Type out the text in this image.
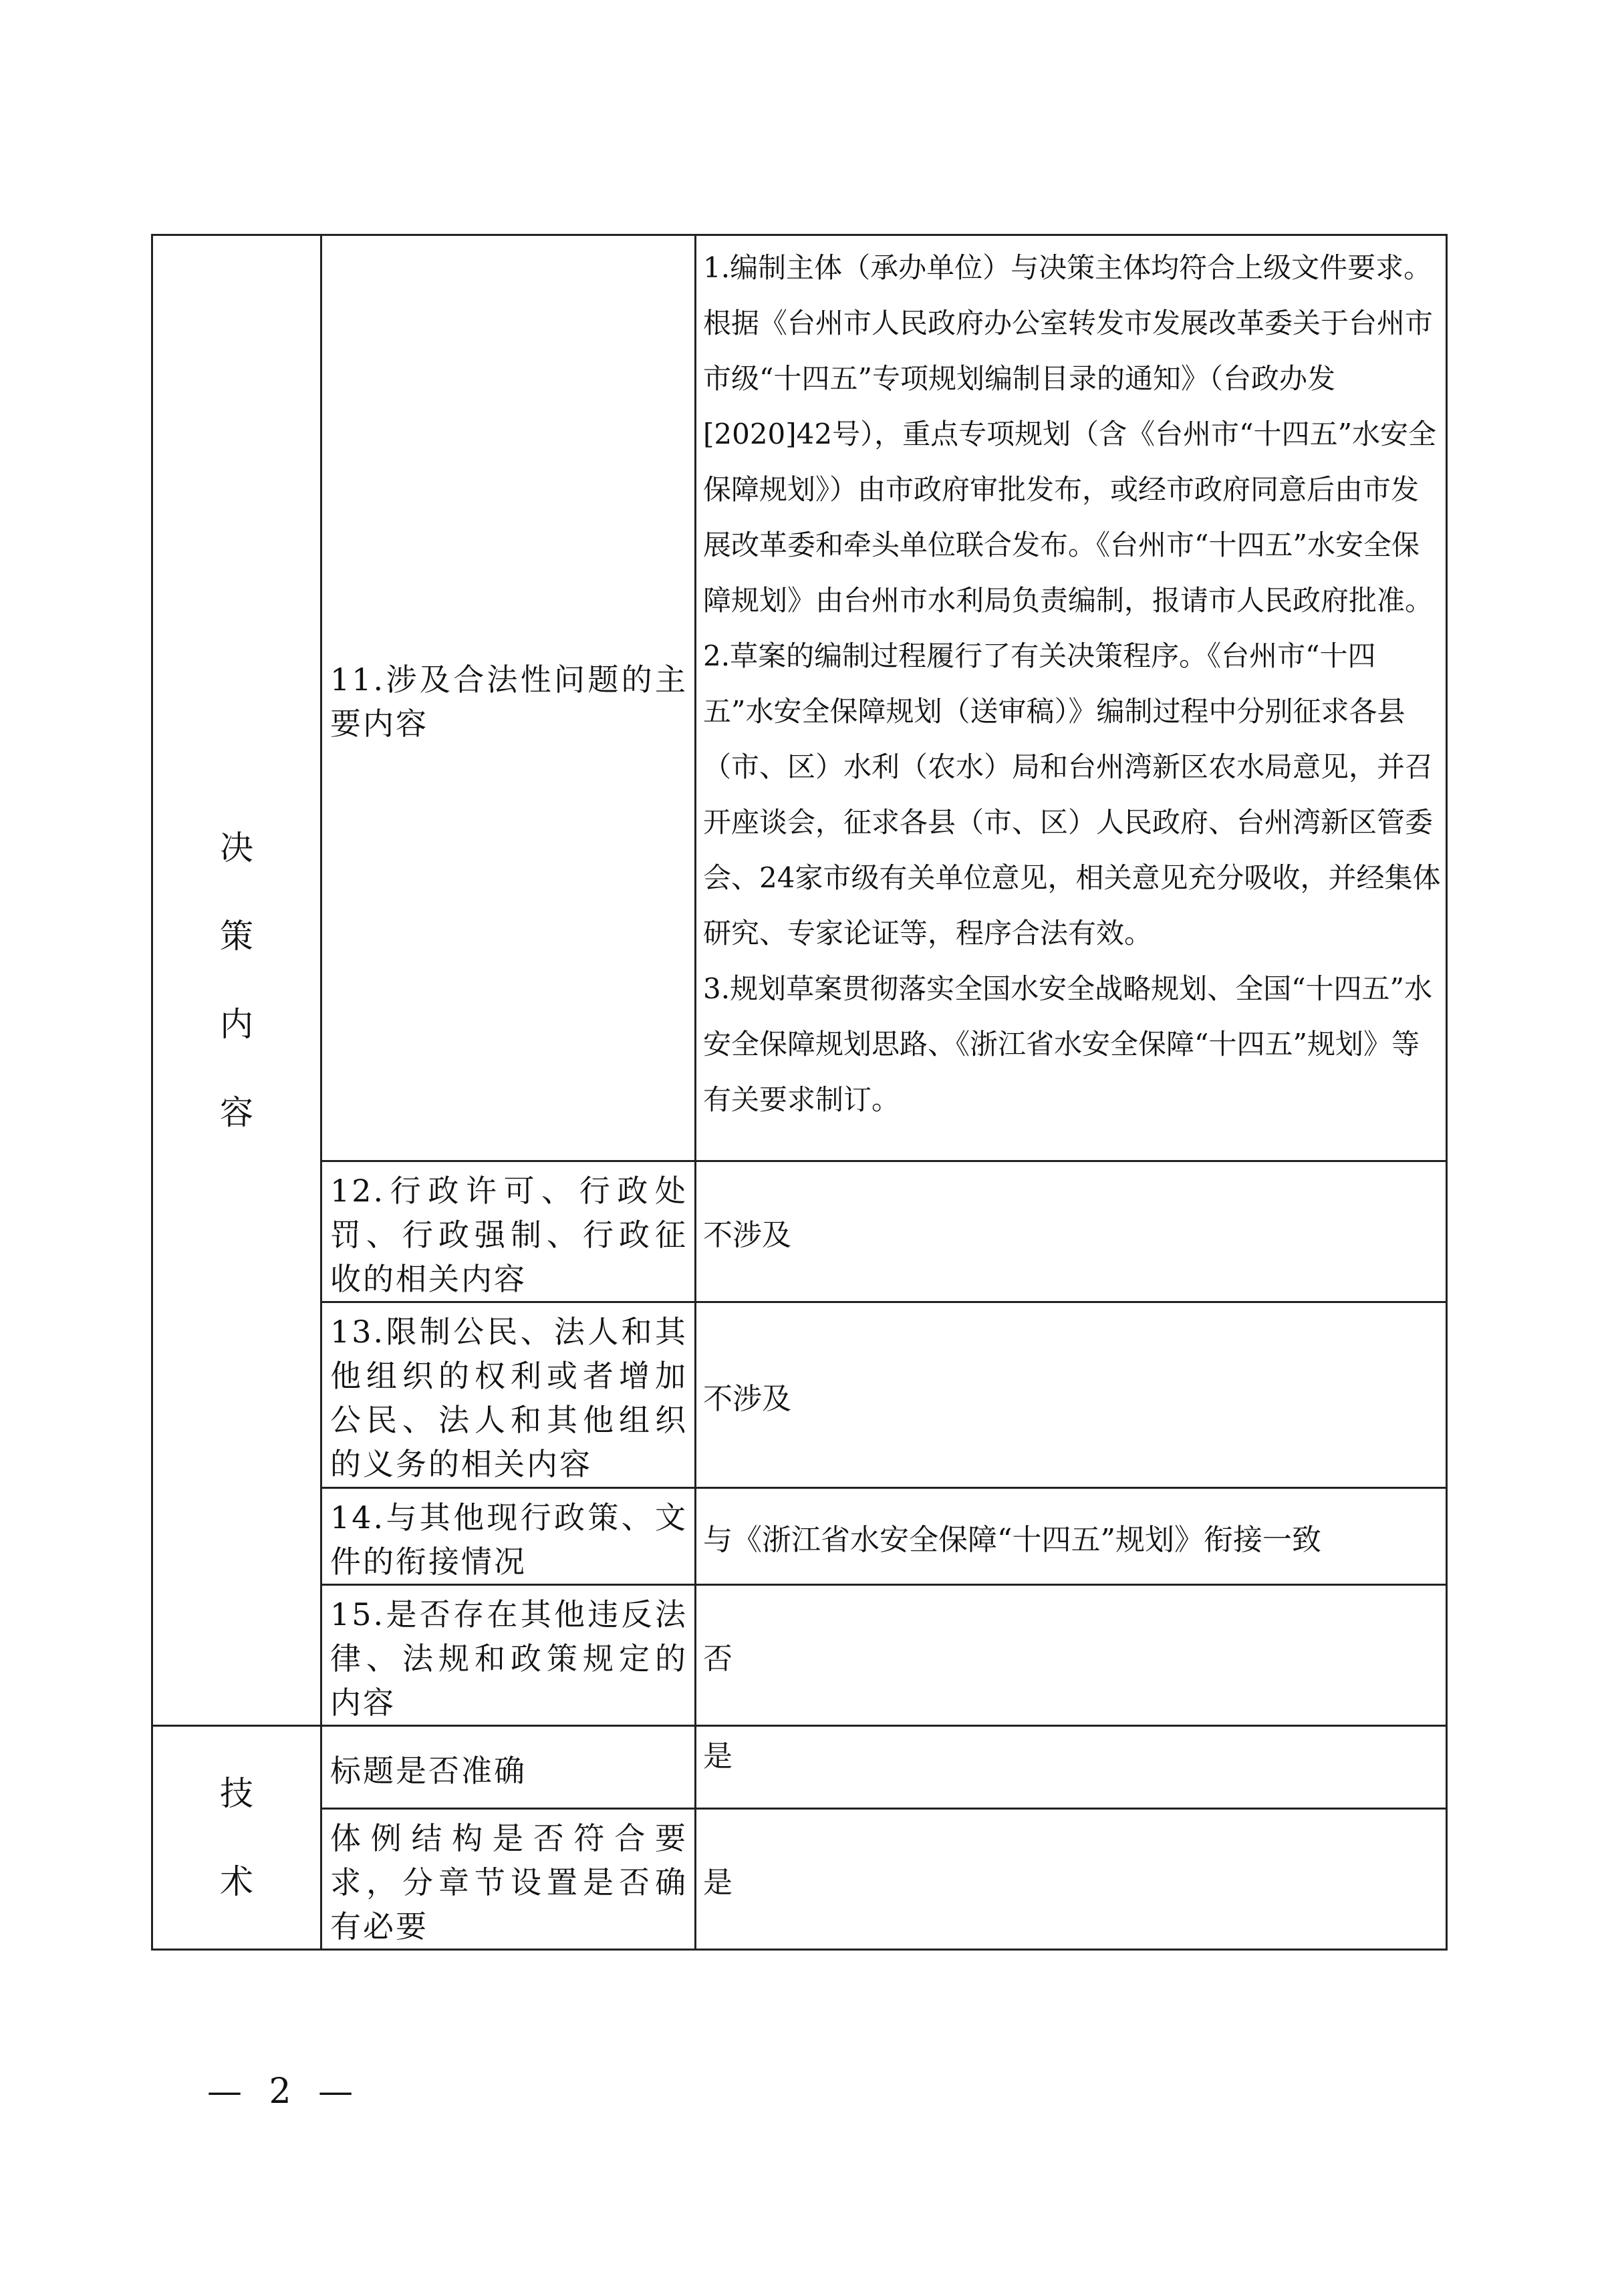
决策内容	11.涉及合法性问题的主要内容	1.编制主体（承办单位）与决策主体均符合上级文件要求。根据《台州市人民政府办公室转发市发展改革委关于台州市市级“十四五”专项规划编制目录的通知》（台政办发[2020]42号），重点专项规划（含《台州市“十四五”水安全保障规划》）由市政府审批发布，或经市政府同意后由市发展改革委和牵头单位联合发布。《台州市“十四五”水安全保障规划》由台州市水利局负责编制，报请市人民政府批准。

2.草案的编制过程履行了有关决策程序。《台州市“十四五”水安全保障规划（送审稿）》编制过程中分别征求各县（市、区）水利（农水）局和台州湾新区农水局意见，并召开座谈会，征求各县（市、区）人民政府、台州湾新区管委会、24家市级有关单位意见，相关意见充分吸收，并经集体研究、专家论证等，程序合法有效。

3.规划草案贯彻落实全国水安全战略规划、全国“十四五”水安全保障规划思路、《浙江省水安全保障“十四五”规划》等有关要求制订。

	12.行政许可、行政处罚、行政强制、行政征收的相关内容	不涉及
	13.限制公民、法人和其他组织的权利或者增加公民、法人和其他组织的义务的相关内容	不涉及
	14.与其他现行政策、文件的衔接情况	与《浙江省水安全保障“十四五”规划》衔接一致
	15.是否存在其他违反法律、法规和政策规定的内容	否

技术	标题是否准确	是
	体例结构是否符合要求，分章节设置是否确有必要	是
— 2 —
